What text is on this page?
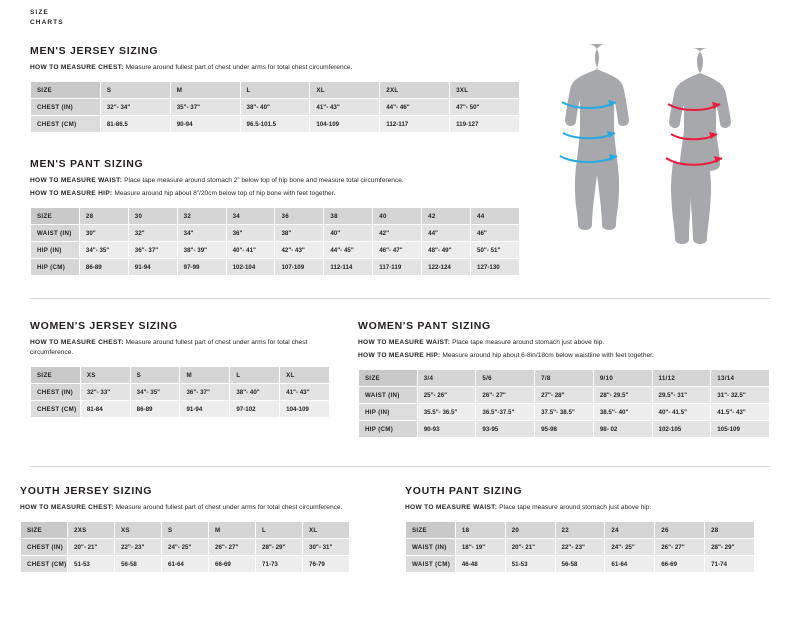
SIZE
CHARTS
MEN'S JERSEY SIZING

HOW TO MEASURE CHEST: Measure around fullest part of chest under arms for total chest circumference.

SIZE	S	M	L	XL	2XL	3XL
CHEST (IN)	32"- 34"	35"- 37"	38"- 40"	41"- 43"	44"- 46"	47"- 50"
CHEST (CM)	81-86.5	90-94	96.5-101.5	104-109	112-117	119-127
MEN'S PANT SIZING

HOW TO MEASURE WAIST: Place tape measure around stomach 2” below top of hip bone and measure total circumference.

HOW TO MEASURE HIP: Measure around hip about 8”/20cm below top of hip bone with feet together.

SIZE	28	30	32	34	36	38	40	42	44
WAIST (IN)	30"	32"	34"	36"	38"	40"	42"	44"	46"
HIP (IN)	34"- 35"	36"- 37"	38"- 39"	40"- 41"	42"- 43"	44"- 45"	46"- 47"	48"- 49"	50"- 51"
HIP (CM)	86-89	91-94	97-99	102-104	107-109	112-114	117-119	122-124	127-130
WOMEN'S JERSEY SIZING

HOW TO MEASURE CHEST: Measure around fullest part of chest under arms for total chest circumference.

SIZE	XS	S	M	L	XL
CHEST (IN)	32"- 33"	34"- 35"	36"- 37"	38"- 40"	41"- 43"
CHEST (CM)	81-84	86-89	91-94	97-102	104-109
WOMEN'S PANT SIZING

HOW TO MEASURE WAIST: Place tape measure around stomach just above hip.

HOW TO MEASURE HIP: Measure around hip about 6-8in/18cm below waistline with feet together.

SIZE	3/4	5/6	7/8	9/10	11/12	13/14
WAIST (IN)	25"- 26"	26"- 27"	27"- 28"	28"- 29.5"	29.5"- 31"	31"- 32.5"
HIP (IN)	35.5"- 36.5"	36.5"-37.5"	37.5"- 38.5"	38.5"- 40"	40"- 41.5"	41.5"- 43"
HIP (CM)	90-93	93-95	95-98	98- 02	102-105	105-109
YOUTH JERSEY SIZING

HOW TO MEASURE CHEST: Measure around fullest part of chest under arms for total chest circumference.

SIZE	2XS	XS	S	M	L	XL
CHEST (IN)	20"- 21"	22"- 23"	24"- 25"	26"- 27"	28"- 29"	30"- 31"
CHEST (CM)	51-53	56-58	61-64	66-69	71-73	76-79
YOUTH PANT SIZING

HOW TO MEASURE WAIST: Place tape measure around stomach just above hip.

SIZE	18	20	22	24	26	28
WAIST (IN)	18"- 19"	20"- 21"	22"- 23"	24"- 25"	26"- 27"	28"- 29"
WAIST (CM)	46-48	51-53	56-58	61-64	66-69	71-74
